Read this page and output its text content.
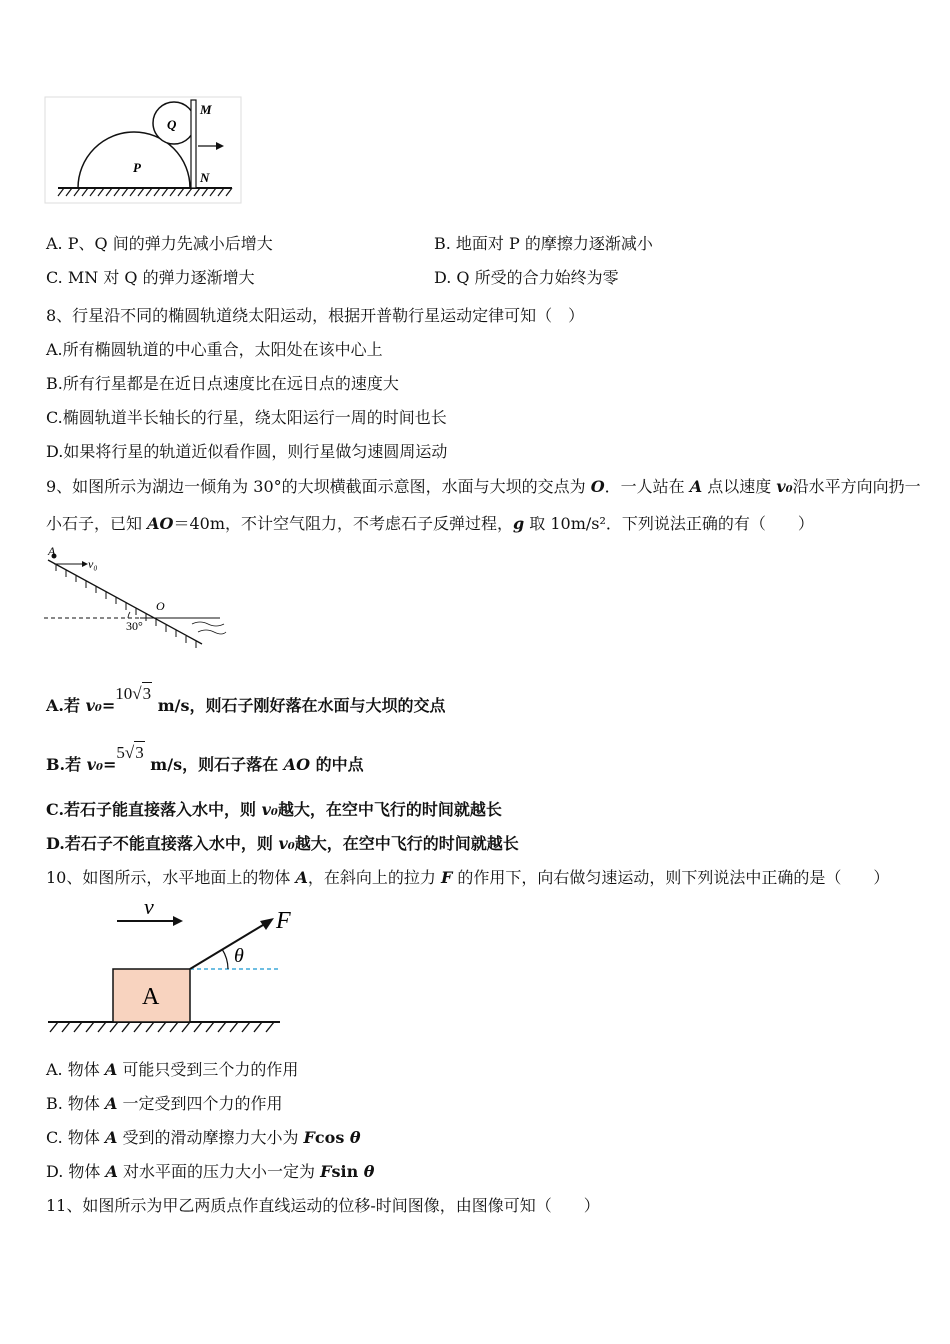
P
Q
M
N
A. P、Q 间的弹力先减小后增大	B. 地面对 P 的摩擦力逐渐减小
C. MN 对 Q 的弹力逐渐增大	D. Q 所受的合力始终为零
8、行星沿不同的椭圆轨道绕太阳运动，根据开普勒行星运动定律可知（　）
A.所有椭圆轨道的中心重合，太阳处在该中心上
B.所有行星都是在近日点速度比在远日点的速度大
C.椭圆轨道半长轴长的行星，绕太阳运行一周的时间也长
D.如果将行星的轨道近似看作圆，则行星做匀速圆周运动
9、如图所示为湖边一倾角为 30°的大坝横截面示意图，水面与大坝的交点为 O．一人站在 A 点以速度 v₀沿水平方向向扔一
小石子，已知 AO＝40m，不计空气阻力，不考虑石子反弹过程，g 取 10m/s²．下列说法正确的有（　　）
A
v₀
O
30°
A.若 v₀=10√3 m/s，则石子刚好落在水面与大坝的交点
B.若 v₀=5√3 m/s，则石子落在 AO 的中点
C.若石子能直接落入水中，则 v₀越大，在空中飞行的时间就越长
D.若石子不能直接落入水中，则 v₀越大，在空中飞行的时间就越长
10、如图所示，水平地面上的物体 A，在斜向上的拉力 F 的作用下，向右做匀速运动，则下列说法中正确的是（　　）
A
θ
F
v
A. 物体 A 可能只受到三个力的作用
B. 物体 A 一定受到四个力的作用
C. 物体 A 受到的滑动摩擦力大小为 Fcos θ
D. 物体 A 对水平面的压力大小一定为 Fsin θ
11、如图所示为甲乙两质点作直线运动的位移-时间图像，由图像可知（　　）
